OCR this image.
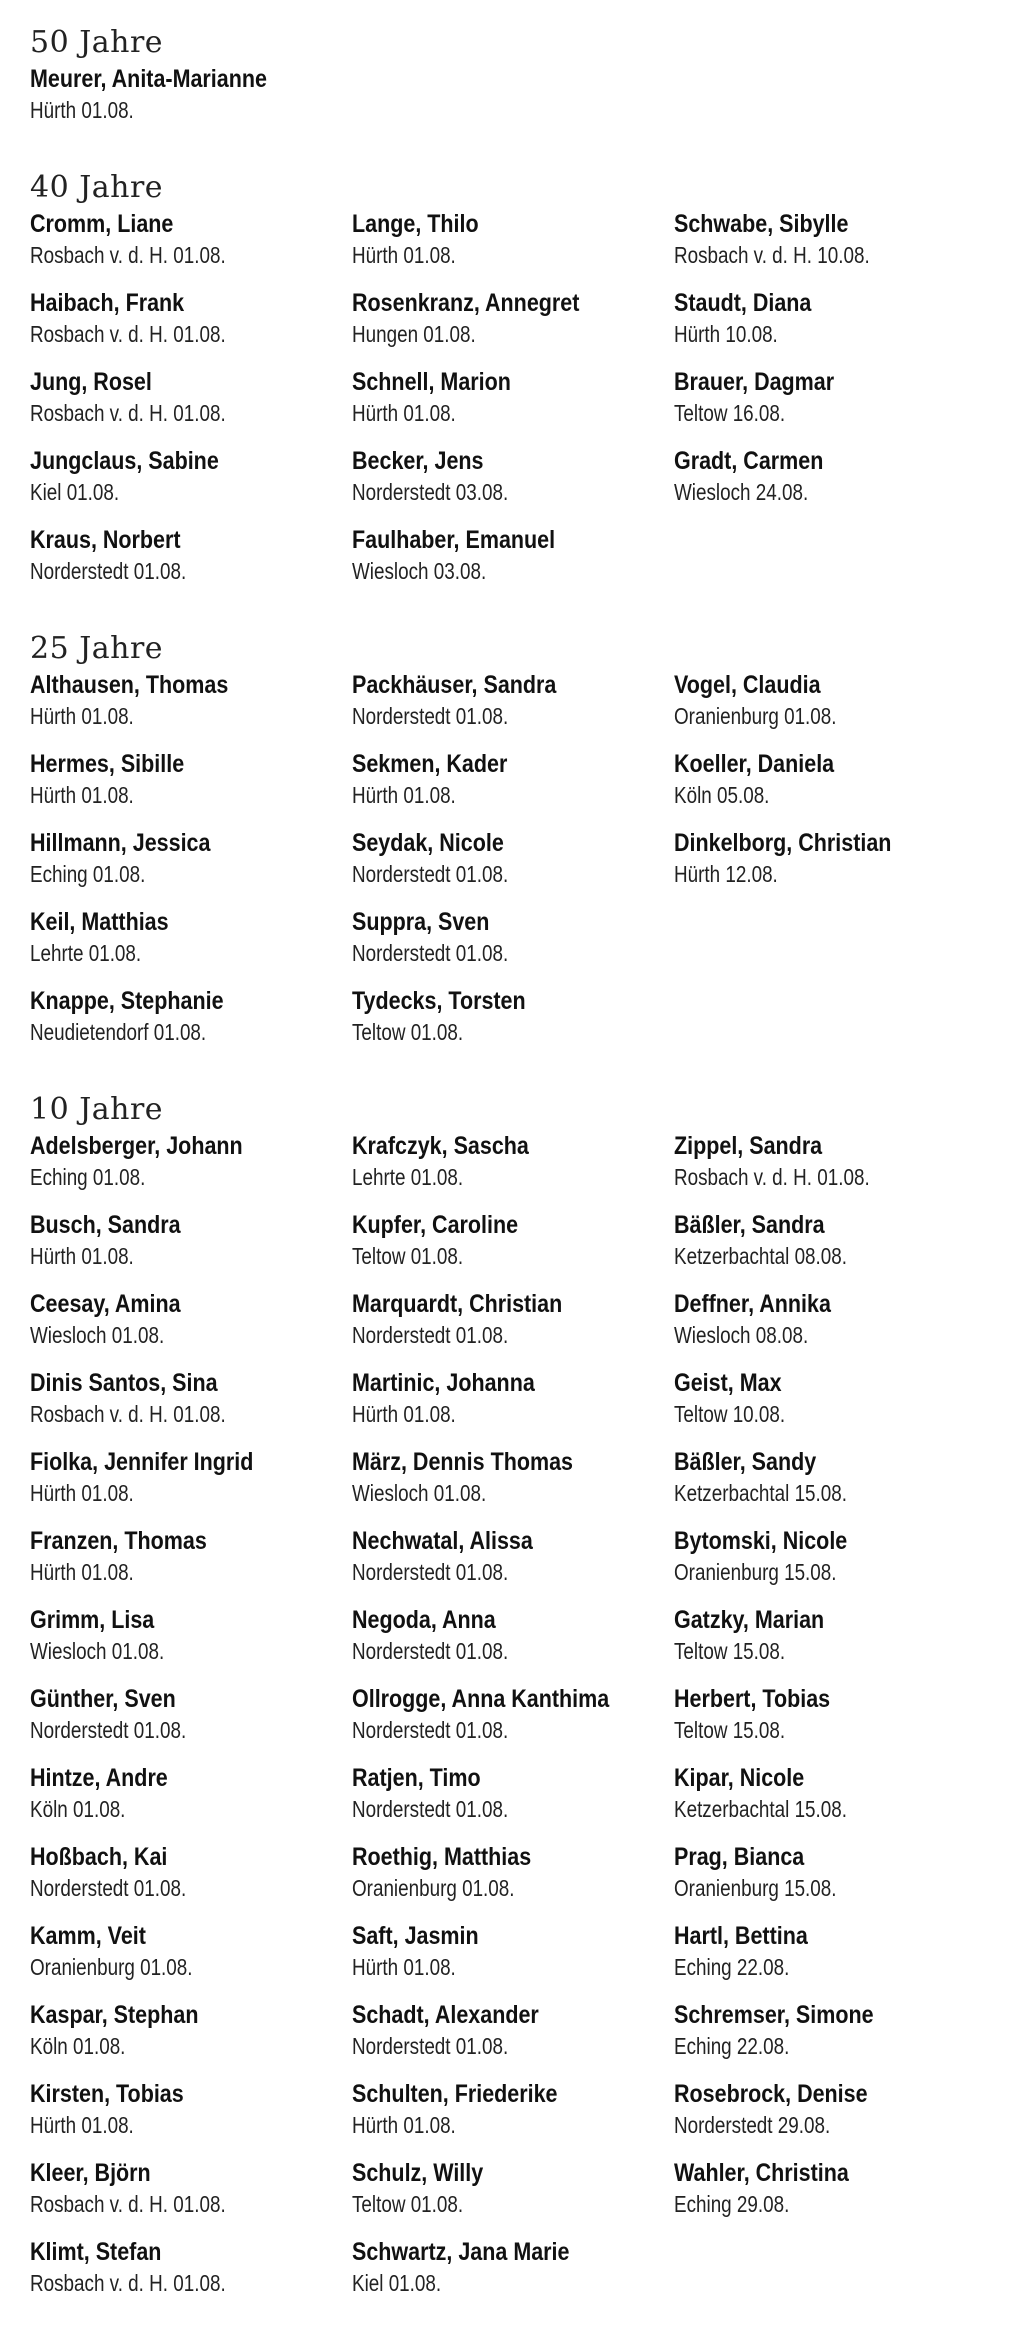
50 Jahre
Meurer, Anita-Marianne
Hürth 01.08.
40 Jahre
Cromm, Liane
Rosbach v. d. H. 01.08.
Haibach, Frank
Rosbach v. d. H. 01.08.
Jung, Rosel
Rosbach v. d. H. 01.08.
Jungclaus, Sabine
Kiel 01.08.
Kraus, Norbert
Norderstedt 01.08.
Lange, Thilo
Hürth 01.08.
Rosenkranz, Annegret
Hungen 01.08.
Schnell, Marion
Hürth 01.08.
Becker, Jens
Norderstedt 03.08.
Faulhaber, Emanuel
Wiesloch 03.08.
Schwabe, Sibylle
Rosbach v. d. H. 10.08.
Staudt, Diana
Hürth 10.08.
Brauer, Dagmar
Teltow 16.08.
Gradt, Carmen
Wiesloch 24.08.
25 Jahre
Althausen, Thomas
Hürth 01.08.
Hermes, Sibille
Hürth 01.08.
Hillmann, Jessica
Eching 01.08.
Keil, Matthias
Lehrte 01.08.
Knappe, Stephanie
Neudietendorf 01.08.
Packhäuser, Sandra
Norderstedt 01.08.
Sekmen, Kader
Hürth 01.08.
Seydak, Nicole
Norderstedt 01.08.
Suppra, Sven
Norderstedt 01.08.
Tydecks, Torsten
Teltow 01.08.
Vogel, Claudia
Oranienburg 01.08.
Koeller, Daniela
Köln 05.08.
Dinkelborg, Christian
Hürth 12.08.
10 Jahre
Adelsberger, Johann
Eching 01.08.
Busch, Sandra
Hürth 01.08.
Ceesay, Amina
Wiesloch 01.08.
Dinis Santos, Sina
Rosbach v. d. H. 01.08.
Fiolka, Jennifer Ingrid
Hürth 01.08.
Franzen, Thomas
Hürth 01.08.
Grimm, Lisa
Wiesloch 01.08.
Günther, Sven
Norderstedt 01.08.
Hintze, Andre
Köln 01.08.
Hoßbach, Kai
Norderstedt 01.08.
Kamm, Veit
Oranienburg 01.08.
Kaspar, Stephan
Köln 01.08.
Kirsten, Tobias
Hürth 01.08.
Kleer, Björn
Rosbach v. d. H. 01.08.
Klimt, Stefan
Rosbach v. d. H. 01.08.
Krafczyk, Sascha
Lehrte 01.08.
Kupfer, Caroline
Teltow 01.08.
Marquardt, Christian
Norderstedt 01.08.
Martinic, Johanna
Hürth 01.08.
März, Dennis Thomas
Wiesloch 01.08.
Nechwatal, Alissa
Norderstedt 01.08.
Negoda, Anna
Norderstedt 01.08.
Ollrogge, Anna Kanthima
Norderstedt 01.08.
Ratjen, Timo
Norderstedt 01.08.
Roethig, Matthias
Oranienburg 01.08.
Saft, Jasmin
Hürth 01.08.
Schadt, Alexander
Norderstedt 01.08.
Schulten, Friederike
Hürth 01.08.
Schulz, Willy
Teltow 01.08.
Schwartz, Jana Marie
Kiel 01.08.
Zippel, Sandra
Rosbach v. d. H. 01.08.
Bäßler, Sandra
Ketzerbachtal 08.08.
Deffner, Annika
Wiesloch 08.08.
Geist, Max
Teltow 10.08.
Bäßler, Sandy
Ketzerbachtal 15.08.
Bytomski, Nicole
Oranienburg 15.08.
Gatzky, Marian
Teltow 15.08.
Herbert, Tobias
Teltow 15.08.
Kipar, Nicole
Ketzerbachtal 15.08.
Prag, Bianca
Oranienburg 15.08.
Hartl, Bettina
Eching 22.08.
Schremser, Simone
Eching 22.08.
Rosebrock, Denise
Norderstedt 29.08.
Wahler, Christina
Eching 29.08.
